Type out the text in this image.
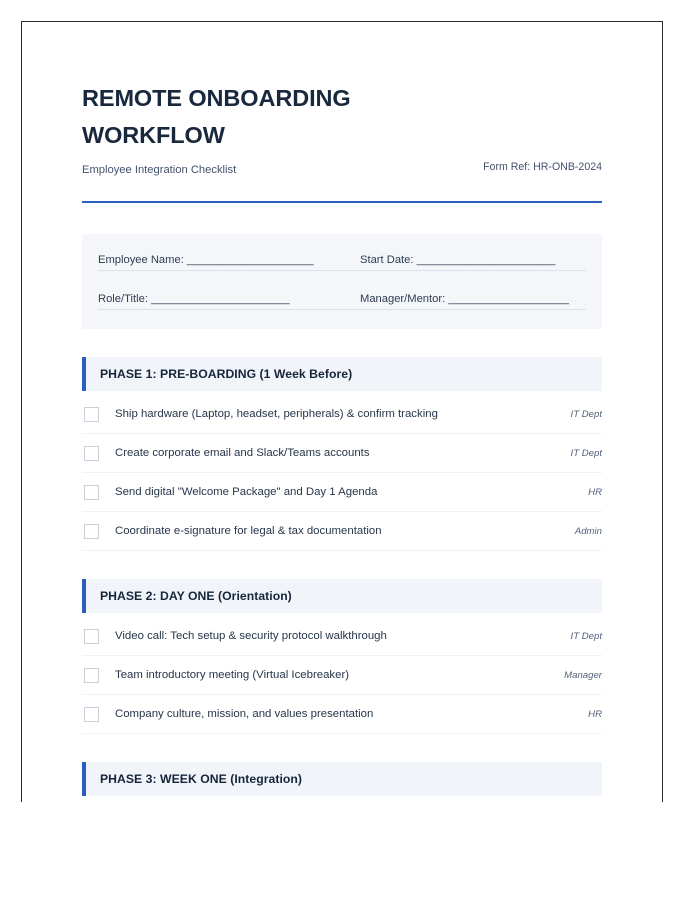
REMOTE ONBOARDING WORKFLOW
Employee Integration Checklist	Form Ref: HR-ONB-2024
Employee Name: _____________________	Start Date: _______________________
Role/Title: _______________________	Manager/Mentor: ____________________
PHASE 1: PRE-BOARDING (1 Week Before)
Ship hardware (Laptop, headset, peripherals) & confirm tracking	IT Dept
Create corporate email and Slack/Teams accounts	IT Dept
Send digital "Welcome Package" and Day 1 Agenda	HR
Coordinate e-signature for legal & tax documentation	Admin
PHASE 2: DAY ONE (Orientation)
Video call: Tech setup & security protocol walkthrough	IT Dept
Team introductory meeting (Virtual Icebreaker)	Manager
Company culture, mission, and values presentation	HR
PHASE 3: WEEK ONE (Integration)
